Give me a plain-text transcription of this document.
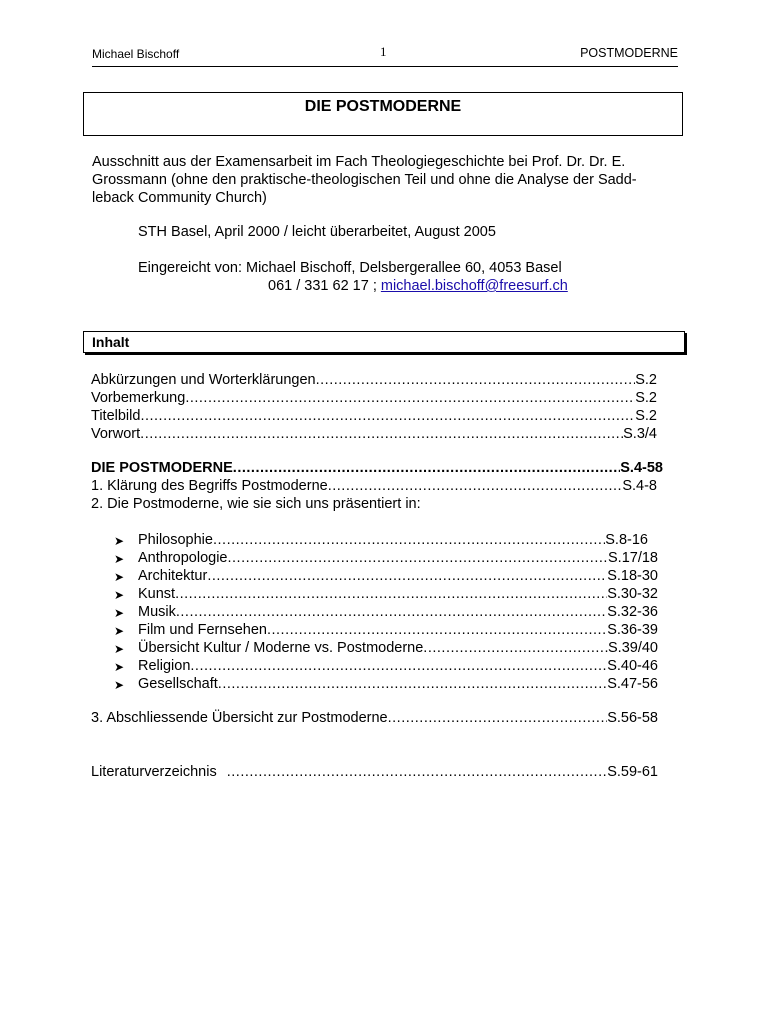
Michael Bischoff	1	POSTMODERNE
DIE POSTMODERNE
Ausschnitt aus der Examensarbeit im Fach Theologiegeschichte bei Prof. Dr. Dr. E.
Grossmann (ohne den praktische-theologischen Teil und ohne die Analyse der Sadd-
leback Community Church)
STH Basel, April 2000 / leicht überarbeitet, August 2005
Eingereicht von: Michael Bischoff, Delsbergerallee 60, 4053 Basel
061 / 331 62 17 ; michael.bischoff@freesurf.ch
Inhalt
Abkürzungen und Worterklärungen .....	S.2
Vorbemerkung .....	S.2
Titelbild .....	S.2
Vorwort .....	S.3/4
DIE POSTMODERNE .....	S.4-58
1. Klärung des Begriffs Postmoderne .....	S.4-8
2. Die Postmoderne, wie sie sich uns präsentiert in:
➤ Philosophie .....	S.8-16
➤ Anthropologie .....	S.17/18
➤ Architektur .....	S.18-30
➤ Kunst .....	S.30-32
➤ Musik .....	S.32-36
➤ Film und Fernsehen .....	S.36-39
➤ Übersicht Kultur / Moderne vs. Postmoderne .....	S.39/40
➤ Religion .....	S.40-46
➤ Gesellschaft .....	S.47-56
3. Abschliessende Übersicht zur Postmoderne .....	S.56-58
Literaturverzeichnis .....	S.59-61
